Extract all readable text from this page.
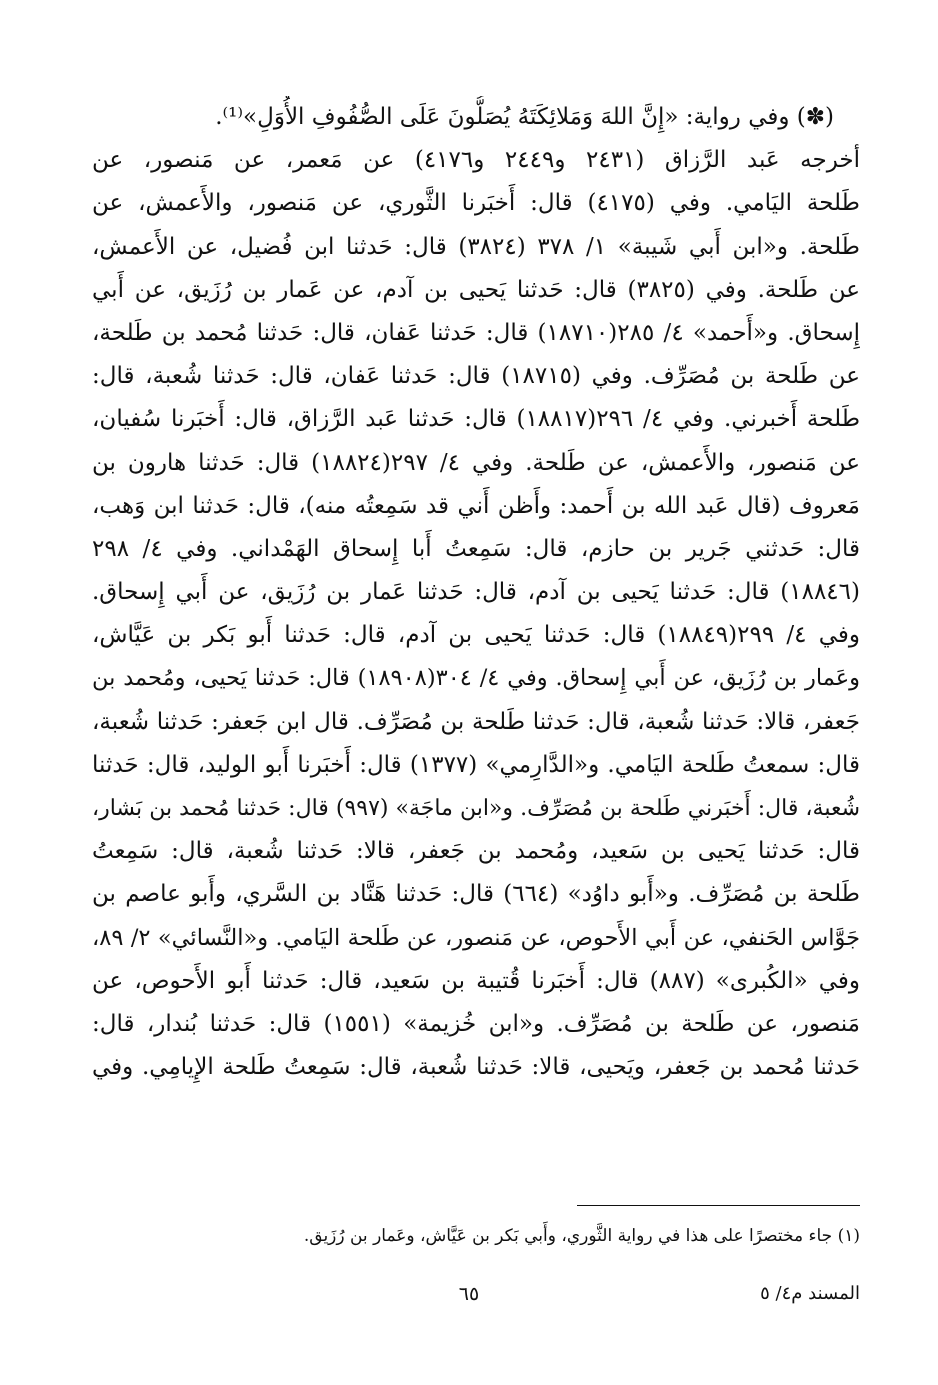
(✽) وفي رواية: «إِنَّ اللهَ وَمَلائِكَتَهُ يُصَلُّونَ عَلَى الصُّفُوفِ الأُوَلِ»⁽¹⁾.
أخرجه عَبد الرَّزاق (٢٤٣١ و٢٤٤٩ و٤١٧٦) عن مَعمر، عن مَنصور، عن
طَلحة اليَامي. وفي (٤١٧٥) قال: أَخبَرنا الثَّوري، عن مَنصور، والأَعمش، عن
طَلحة. و«ابن أَبي شَيبة» ١/ ٣٧٨ (٣٨٢٤) قال: حَدثنا ابن فُضيل، عن الأَعمش،
عن طَلحة. وفي (٣٨٢٥) قال: حَدثنا يَحيى بن آدم، عن عَمار بن رُزَيق، عن أَبي
إِسحاق. و«أَحمد» ٤/ ٢٨٥(١٨٧١٠) قال: حَدثنا عَفان، قال: حَدثنا مُحمد بن طَلحة،
عن طَلحة بن مُصَرِّف. وفي (١٨٧١٥) قال: حَدثنا عَفان، قال: حَدثنا شُعبة، قال:
طَلحة أَخبرني. وفي ٤/ ٢٩٦(١٨٨١٧) قال: حَدثنا عَبد الرَّزاق، قال: أَخبَرنا سُفيان،
عن مَنصور، والأَعمش، عن طَلحة. وفي ٤/ ٢٩٧(١٨٨٢٤) قال: حَدثنا هارون بن
مَعروف (قال عَبد الله بن أَحمد: وأَظن أَني قد سَمِعتُه منه)، قال: حَدثنا ابن وَهب،
قال: حَدثني جَرير بن حازم، قال: سَمِعتُ أَبا إِسحاق الهَمْداني. وفي ٤/ ٢٩٨
(١٨٨٤٦) قال: حَدثنا يَحيى بن آدم، قال: حَدثنا عَمار بن رُزَيق، عن أَبي إِسحاق.
وفي ٤/ ٢٩٩(١٨٨٤٩) قال: حَدثنا يَحيى بن آدم، قال: حَدثنا أَبو بَكر بن عَيَّاش،
وعَمار بن رُزَيق، عن أَبي إِسحاق. وفي ٤/ ٣٠٤(١٨٩٠٨) قال: حَدثنا يَحيى، ومُحمد بن
جَعفر، قالا: حَدثنا شُعبة، قال: حَدثنا طَلحة بن مُصَرِّف. قال ابن جَعفر: حَدثنا شُعبة،
قال: سمعتُ طَلحة اليَامي. و«الدَّارِمي» (١٣٧٧) قال: أَخبَرنا أَبو الوليد، قال: حَدثنا
شُعبة، قال: أَخبَرني طَلحة بن مُصَرِّف. و«ابن ماجَة» (٩٩٧) قال: حَدثنا مُحمد بن بَشار،
قال: حَدثنا يَحيى بن سَعيد، ومُحمد بن جَعفر، قالا: حَدثنا شُعبة، قال: سَمِعتُ
طَلحة بن مُصَرِّف. و«أَبو داوُد» (٦٦٤) قال: حَدثنا هَنَّاد بن السَّري، وأَبو عاصم بن
جَوَّاس الحَنفي، عن أَبي الأَحوص، عن مَنصور، عن طَلحة اليَامي. و«النَّسائي» ٢/ ٨٩،
وفي «الكُبرى» (٨٨٧) قال: أَخبَرنا قُتيبة بن سَعيد، قال: حَدثنا أَبو الأَحوص، عن
مَنصور، عن طَلحة بن مُصَرِّف. و«ابن خُزيمة» (١٥٥١) قال: حَدثنا بُندار، قال:
حَدثنا مُحمد بن جَعفر، ويَحيى، قالا: حَدثنا شُعبة، قال: سَمِعتُ طَلحة الإِيامِي. وفي
(١) جاء مختصرًا على هذا في رواية الثَّوري، وأَبي بَكر بن عَيَّاش، وعَمار بن رُزَيق.
المسند م٤/ ٥
٦٥
